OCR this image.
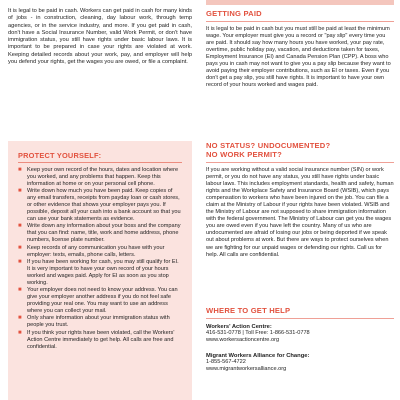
It is legal to be paid in cash. Workers can get paid in cash for many kinds of jobs - in construction, cleaning, day labour work, through temp agencies, or in the service industry, and more. If you get paid in cash, don't have a Social Insurance Number, valid Work Permit, or don't have immigration status, you still have rights under basic labour laws. It is important to be prepared in case your rights are violated at work. Keeping detailed records about your work, pay, and employer will help you defend your rights, get the wages you are owed, or file a complaint.

PROTECT YOURSELF:
■ Keep your own record of the hours, dates and location where you worked, and any problems that happen. Keep this information at home or on your personal cell phone.
■ Write down how much you have been paid. Keep copies of any email transfers, receipts from payday loan or cash stores, or other evidence that shows your employer pays you. If possible, deposit all your cash into a bank account so that you can use your bank statements as evidence.
■ Write down any information about your boss and the company that you can find: name, title, work and home address, phone numbers, license plate number.
■ Keep records of any communication you have with your employer: texts, emails, phone calls, letters.
■ If you have been working for cash, you may still qualify for EI. It is very important to have your own record of your hours worked and wages paid. Apply for EI as soon as you stop working.
■ Your employer does not need to know your address. You can give your employer another address if you do not feel safe providing your real one. You may want to use an address where you can collect your mail.
■ Only share information about your immigration status with people you trust.
■ If you think your rights have been violated, call the Workers' Action Centre immediately to get help. All calls are free and confidential.
GETTING PAID

It is legal to be paid in cash but you must still be paid at least the minimum wage. Your employer must give you a record or "pay slip" every time you are paid. It should say how many hours you have worked, your pay rate, overtime, public holiday pay, vacation, and deductions taken for taxes, Employment Insurance (EI) and Canada Pension Plan (CPP). A boss who pays you in cash may not want to give you a pay slip because they want to avoid paying their employer contributions, such as EI or taxes. Even if you don't get a pay slip, you still have rights. It is important to have your own record of your hours worked and wages paid.

NO STATUS? UNDOCUMENTED?
NO WORK PERMIT?

If you are working without a valid social insurance number (SIN) or work permit, or you do not have any status, you still have rights under basic labour laws. This includes employment standards, health and safety, human rights and the Workplace Safety and Insurance Board (WSIB), which pays compensation to workers who have been injured on the job. You can file a claim at the Ministry of Labour if your rights have been violated. WSIB and the Ministry of Labour are not supposed to share immigration information with the federal government. The Ministry of Labour can get you the wages you are owed even if you have left the country. Many of us who are undocumented are afraid of losing our jobs or being deported if we speak out about problems at work. But there are ways to protect ourselves when we are fighting for our unpaid wages or defending our rights. Call us for help. All calls are confidential.

WHERE TO GET HELP

Workers' Action Centre:

416-531-0778 | Toll Free: 1-866-531-0778

www.workersactioncentre.org

Migrant Workers Alliance for Change:

1-855-567-4722

www.migrantworkersalliance.org
